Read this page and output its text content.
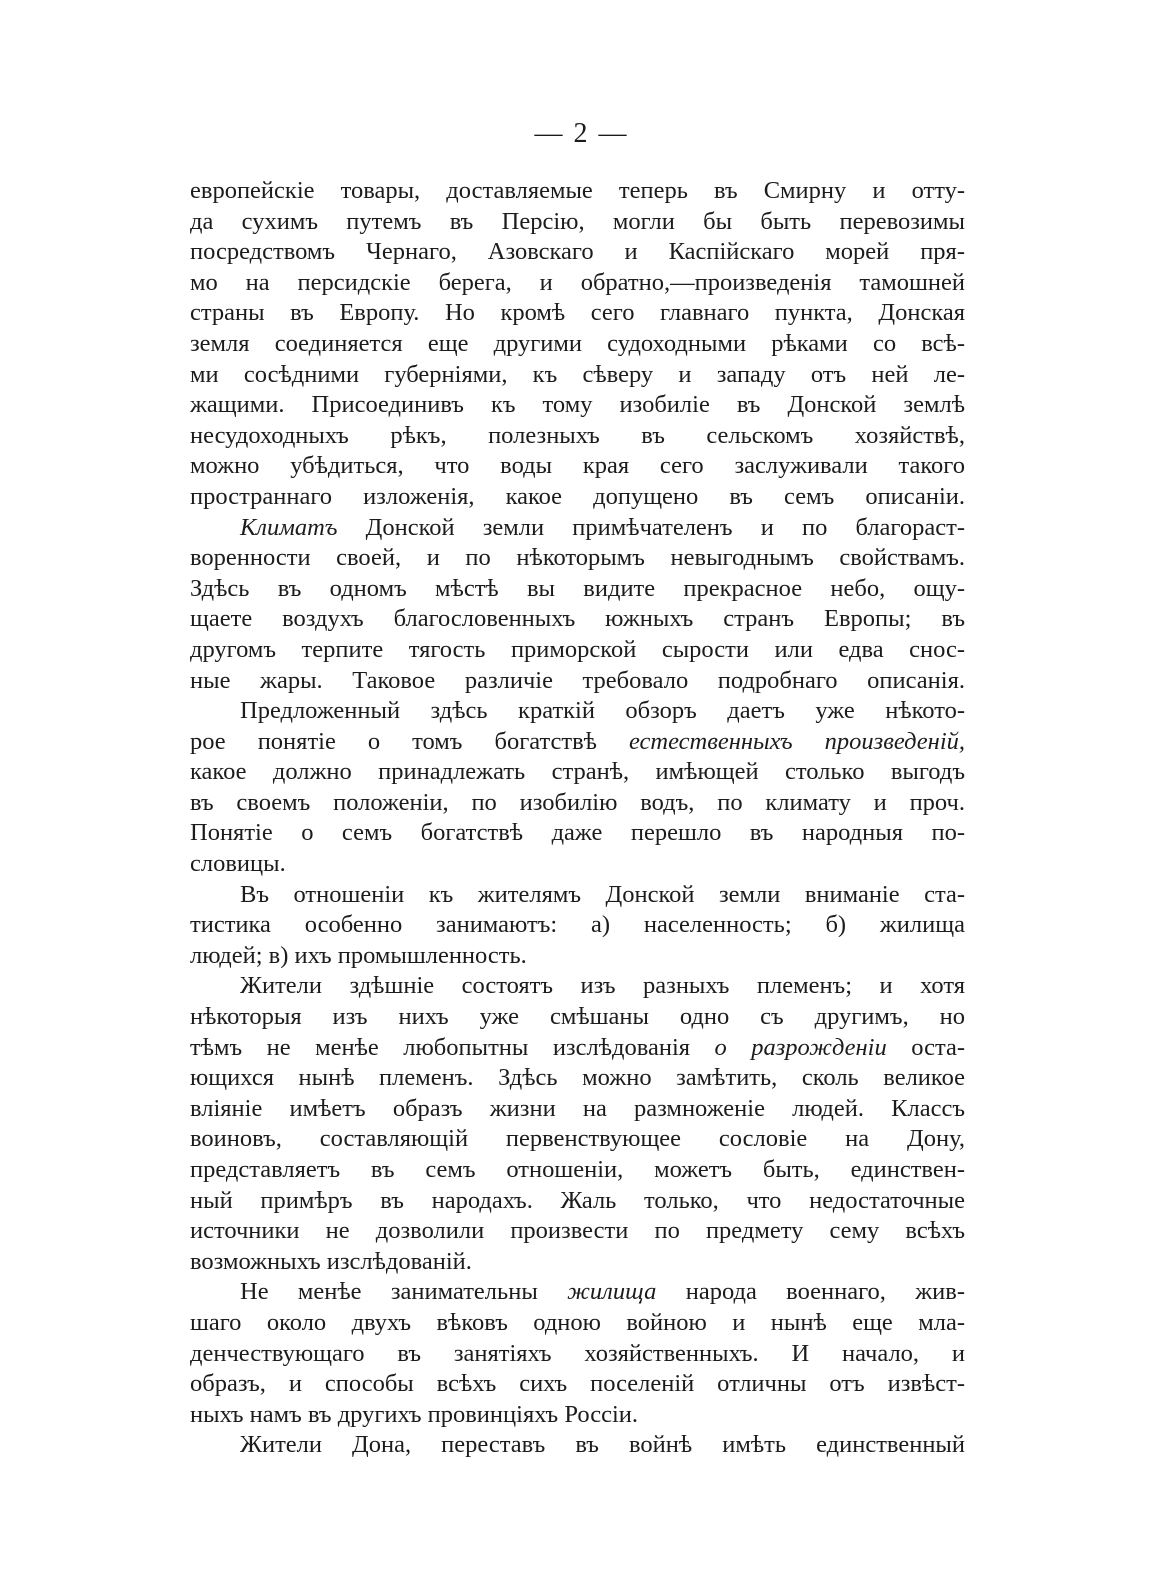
— 2 —
европейскіе товары, доставляемые теперь въ Смирну и отту-
да сухимъ путемъ въ Персію, могли бы быть перевозимы
посредствомъ Чернаго, Азовскаго и Каспійскаго морей пря-
мо на персидскіе берега, и обратно,—произведенія тамошней
страны въ Европу. Но кромѣ сего главнаго пункта, Донская
земля соединяется еще другими судоходными рѣками со всѣ-
ми сосѣдними губерніями, къ сѣверу и западу отъ ней ле-
жащими. Присоединивъ къ тому изобиліе въ Донской землѣ
несудоходныхъ рѣкъ, полезныхъ въ сельскомъ хозяйствѣ,
можно убѣдиться, что воды края сего заслуживали такого
пространнаго изложенія, какое допущено въ семъ описаніи.
Климатъ Донской земли примѣчателенъ и по благораст-
воренности своей, и по нѣкоторымъ невыгоднымъ свойствамъ.
Здѣсь въ одномъ мѣстѣ вы видите прекрасное небо, ощу-
щаете воздухъ благословенныхъ южныхъ странъ Европы; въ
другомъ терпите тягость приморской сырости или едва снос-
ные жары. Таковое различіе требовало подробнаго описанія.
Предложенный здѣсь краткій обзоръ даетъ уже нѣкото-
рое понятіе о томъ богатствѣ естественныхъ произведеній,
какое должно принадлежать странѣ, имѣющей столько выгодъ
въ своемъ положеніи, по изобилію водъ, по климату и проч.
Понятіе о семъ богатствѣ даже перешло въ народныя по-
словицы.
Въ отношеніи къ жителямъ Донской земли вниманіе ста-
тистика особенно занимаютъ: а) населенность; б) жилища
людей; в) ихъ промышленность.
Жители здѣшніе состоятъ изъ разныхъ племенъ; и хотя
нѣкоторыя изъ нихъ уже смѣшаны одно съ другимъ, но
тѣмъ не менѣе любопытны изслѣдованія о разрожденіи оста-
ющихся нынѣ племенъ. Здѣсь можно замѣтить, сколь великое
вліяніе имѣетъ образъ жизни на размноженіе людей. Классъ
воиновъ, составляющій первенствующее сословіе на Дону,
представляетъ въ семъ отношеніи, можетъ быть, единствен-
ный примѣръ въ народахъ. Жаль только, что недостаточные
источники не дозволили произвести по предмету сему всѣхъ
возможныхъ изслѣдованій.
Не менѣе занимательны жилища народа военнаго, жив-
шаго около двухъ вѣковъ одною войною и нынѣ еще мла-
денчествующаго въ занятіяхъ хозяйственныхъ. И начало, и
образъ, и способы всѣхъ сихъ поселеній отличны отъ извѣст-
ныхъ намъ въ другихъ провинціяхъ Россіи.
Жители Дона, переставъ въ войнѣ имѣть единственный
